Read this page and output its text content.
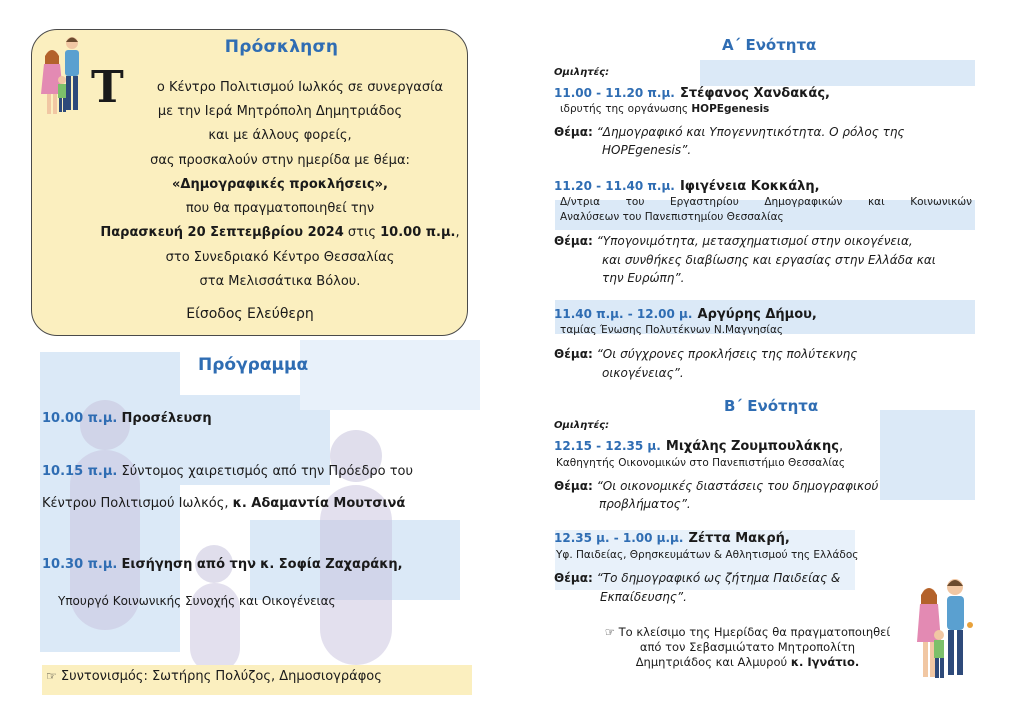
Πρόσκληση
Τ	ο Κέντρο Πολιτισμού Ιωλκός σε συνεργασία
με την Ιερά Μητρόπολη Δημητριάδος
και με άλλους φορείς,
σας προσκαλούν στην ημερίδα με θέμα:
«Δημογραφικές προκλήσεις»,
που θα πραγματοποιηθεί την
Παρασκευή 20 Σεπτεμβρίου 2024 στις 10.00 π.μ.,
στο Συνεδριακό Κέντρο Θεσσαλίας
στα Μελισσάτικα Βόλου.
Είσοδος Ελεύθερη
Πρόγραμμα
10.00 π.μ. Προσέλευση
10.15 π.μ. Σύντομος χαιρετισμός από την Πρόεδρο του
Κέντρου Πολιτισμού Ιωλκός, κ. Αδαμαντία Μουτσινά
10.30 π.μ. Εισήγηση από την κ. Σοφία Ζαχαράκη,
Υπουργό Κοινωνικής Συνοχής και Οικογένειας
☞ Συντονισμός: Σωτήρης Πολύζος, Δημοσιογράφος
Α΄ Ενότητα
Ομιλητές:
11.00 - 11.20 π.μ. Στέφανος Χανδακάς,
ιδρυτής της οργάνωσης HOPEgenesis
Θέμα: “Δημογραφικό και Υπογεννητικότητα. Ο ρόλος της
HOPEgenesis”.
11.20 - 11.40 π.μ. Ιφιγένεια Κοκκάλη,
Δ/ντρια του Εργαστηρίου Δημογραφικών και Κοινωνικών
Αναλύσεων του Πανεπιστημίου Θεσσαλίας
Θέμα: “Υπογονιμότητα, μετασχηματισμοί στην οικογένεια,
και συνθήκες διαβίωσης και εργασίας στην Ελλάδα και
την Ευρώπη”.
11.40 π.μ. - 12.00 μ. Αργύρης Δήμου,
ταμίας Ένωσης Πολυτέκνων Ν.Μαγνησίας
Θέμα: “Οι σύγχρονες προκλήσεις της πολύτεκνης
οικογένειας”.
Β΄ Ενότητα
Ομιλητές:
12.15 - 12.35 μ. Μιχάλης Ζουμπουλάκης,
Καθηγητής Οικονομικών στο Πανεπιστήμιο Θεσσαλίας
Θέμα: “Οι οικονομικές διαστάσεις του δημογραφικού
προβλήματος”.
12.35 μ. - 1.00 μ.μ. Ζέττα Μακρή,
Υφ. Παιδείας, Θρησκευμάτων & Αθλητισμού της Ελλάδος
Θέμα: “Το δημογραφικό ως ζήτημα Παιδείας &
Εκπαίδευσης”.
☞ Το κλείσιμο της Ημερίδας θα πραγματοποιηθεί
από τον Σεβασμιώτατο Μητροπολίτη
Δημητριάδος και Αλμυρού κ. Ιγνάτιο.
